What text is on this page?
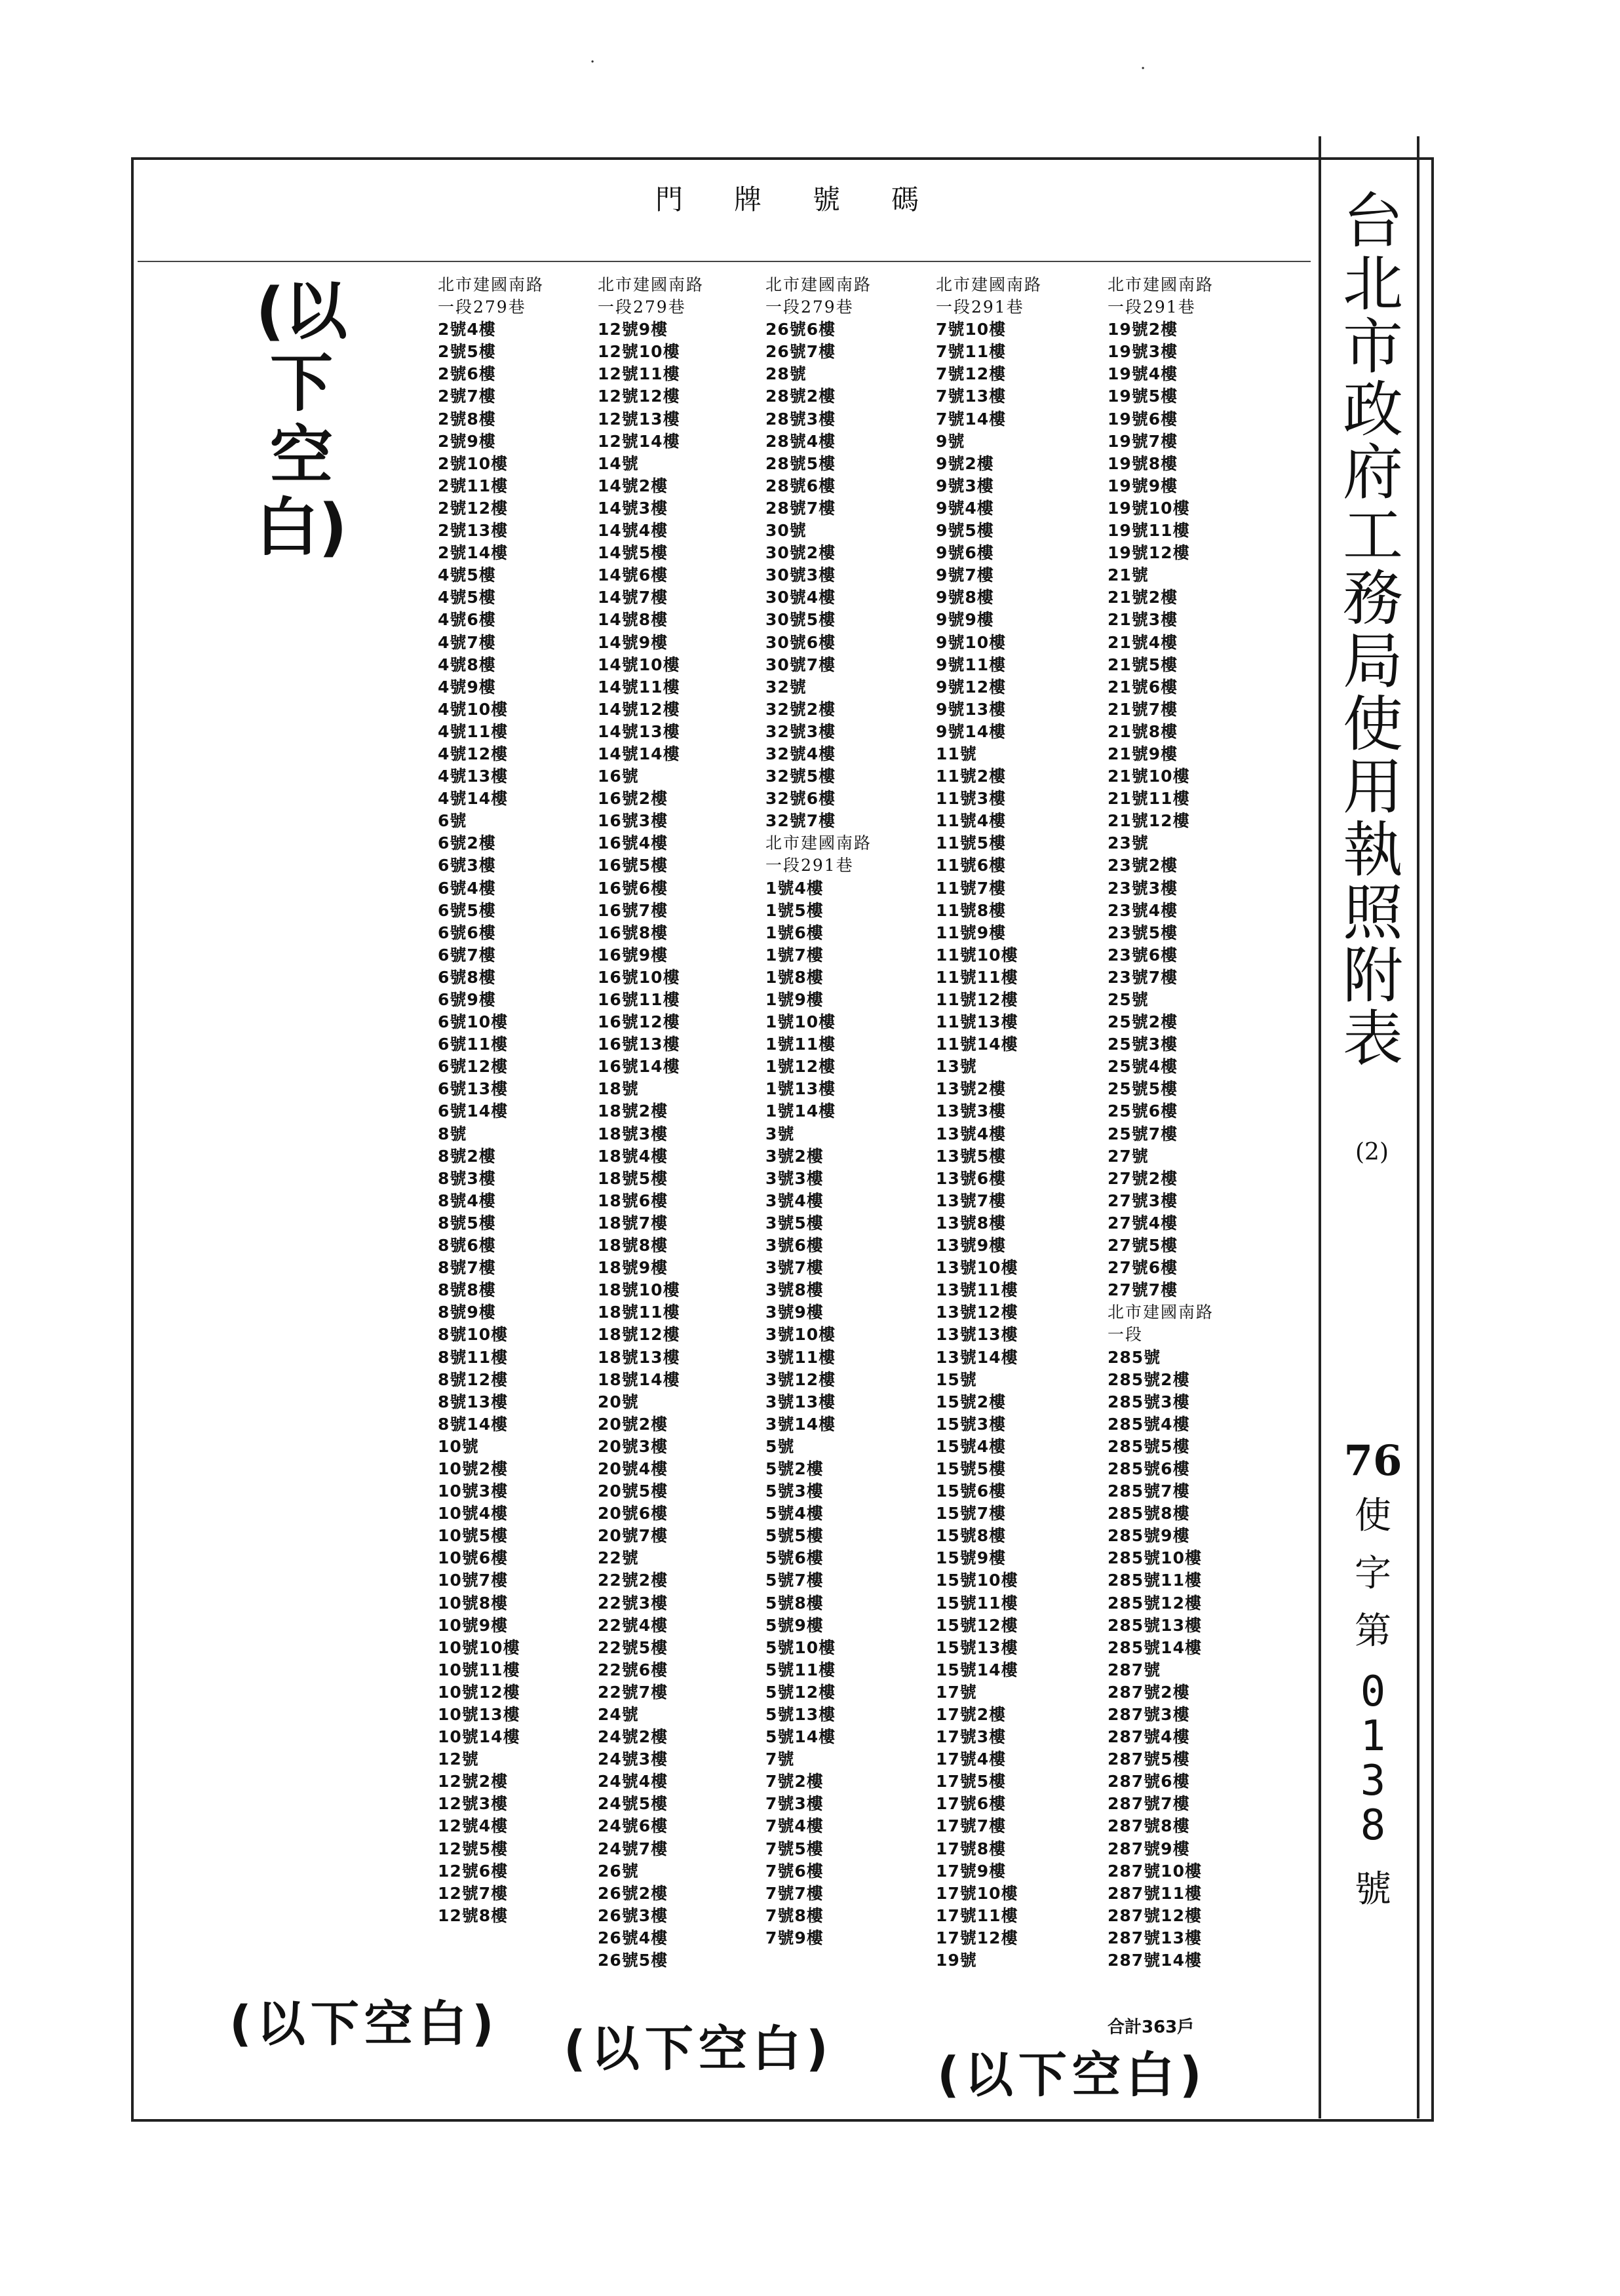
·	·
門牌號碼	台
北
市
政
府
工
務
局
使
用
執
照
附
表
(2)
76
使
字
第
0
1
3
8
號
(以
下
空
白)
(以下空白) (以下空白) (以下空白)
北市建國南路
一段279巷
2號4樓
2號5樓
2號6樓
2號7樓
2號8樓
2號9樓
2號10樓
2號11樓
2號12樓
2號13樓
2號14樓
4號5樓
4號5樓
4號6樓
4號7樓
4號8樓
4號9樓
4號10樓
4號11樓
4號12樓
4號13樓
4號14樓
6號
6號2樓
6號3樓
6號4樓
6號5樓
6號6樓
6號7樓
6號8樓
6號9樓
6號10樓
6號11樓
6號12樓
6號13樓
6號14樓
8號
8號2樓
8號3樓
8號4樓
8號5樓
8號6樓
8號7樓
8號8樓
8號9樓
8號10樓
8號11樓
8號12樓
8號13樓
8號14樓
10號
10號2樓
10號3樓
10號4樓
10號5樓
10號6樓
10號7樓
10號8樓
10號9樓
10號10樓
10號11樓
10號12樓
10號13樓
10號14樓
12號
12號2樓
12號3樓
12號4樓
12號5樓
12號6樓
12號7樓
12號8樓
北市建國南路
一段279巷
12號9樓
12號10樓
12號11樓
12號12樓
12號13樓
12號14樓
14號
14號2樓
14號3樓
14號4樓
14號5樓
14號6樓
14號7樓
14號8樓
14號9樓
14號10樓
14號11樓
14號12樓
14號13樓
14號14樓
16號
16號2樓
16號3樓
16號4樓
16號5樓
16號6樓
16號7樓
16號8樓
16號9樓
16號10樓
16號11樓
16號12樓
16號13樓
16號14樓
18號
18號2樓
18號3樓
18號4樓
18號5樓
18號6樓
18號7樓
18號8樓
18號9樓
18號10樓
18號11樓
18號12樓
18號13樓
18號14樓
20號
20號2樓
20號3樓
20號4樓
20號5樓
20號6樓
20號7樓
22號
22號2樓
22號3樓
22號4樓
22號5樓
22號6樓
22號7樓
24號
24號2樓
24號3樓
24號4樓
24號5樓
24號6樓
24號7樓
26號
26號2樓
26號3樓
26號4樓
26號5樓
北市建國南路
一段279巷
26號6樓
26號7樓
28號
28號2樓
28號3樓
28號4樓
28號5樓
28號6樓
28號7樓
30號
30號2樓
30號3樓
30號4樓
30號5樓
30號6樓
30號7樓
32號
32號2樓
32號3樓
32號4樓
32號5樓
32號6樓
32號7樓
北市建國南路
一段291巷
1號4樓
1號5樓
1號6樓
1號7樓
1號8樓
1號9樓
1號10樓
1號11樓
1號12樓
1號13樓
1號14樓
3號
3號2樓
3號3樓
3號4樓
3號5樓
3號6樓
3號7樓
3號8樓
3號9樓
3號10樓
3號11樓
3號12樓
3號13樓
3號14樓
5號
5號2樓
5號3樓
5號4樓
5號5樓
5號6樓
5號7樓
5號8樓
5號9樓
5號10樓
5號11樓
5號12樓
5號13樓
5號14樓
7號
7號2樓
7號3樓
7號4樓
7號5樓
7號6樓
7號7樓
7號8樓
7號9樓
北市建國南路
一段291巷
7號10樓
7號11樓
7號12樓
7號13樓
7號14樓
9號
9號2樓
9號3樓
9號4樓
9號5樓
9號6樓
9號7樓
9號8樓
9號9樓
9號10樓
9號11樓
9號12樓
9號13樓
9號14樓
11號
11號2樓
11號3樓
11號4樓
11號5樓
11號6樓
11號7樓
11號8樓
11號9樓
11號10樓
11號11樓
11號12樓
11號13樓
11號14樓
13號
13號2樓
13號3樓
13號4樓
13號5樓
13號6樓
13號7樓
13號8樓
13號9樓
13號10樓
13號11樓
13號12樓
13號13樓
13號14樓
15號
15號2樓
15號3樓
15號4樓
15號5樓
15號6樓
15號7樓
15號8樓
15號9樓
15號10樓
15號11樓
15號12樓
15號13樓
15號14樓
17號
17號2樓
17號3樓
17號4樓
17號5樓
17號6樓
17號7樓
17號8樓
17號9樓
17號10樓
17號11樓
17號12樓
19號
北市建國南路
一段291巷
19號2樓
19號3樓
19號4樓
19號5樓
19號6樓
19號7樓
19號8樓
19號9樓
19號10樓
19號11樓
19號12樓
21號
21號2樓
21號3樓
21號4樓
21號5樓
21號6樓
21號7樓
21號8樓
21號9樓
21號10樓
21號11樓
21號12樓
23號
23號2樓
23號3樓
23號4樓
23號5樓
23號6樓
23號7樓
25號
25號2樓
25號3樓
25號4樓
25號5樓
25號6樓
25號7樓
27號
27號2樓
27號3樓
27號4樓
27號5樓
27號6樓
27號7樓
北市建國南路
一段
285號
285號2樓
285號3樓
285號4樓
285號5樓
285號6樓
285號7樓
285號8樓
285號9樓
285號10樓
285號11樓
285號12樓
285號13樓
285號14樓
287號
287號2樓
287號3樓
287號4樓
287號5樓
287號6樓
287號7樓
287號8樓
287號9樓
287號10樓
287號11樓
287號12樓
287號13樓
287號14樓
合計363戶
